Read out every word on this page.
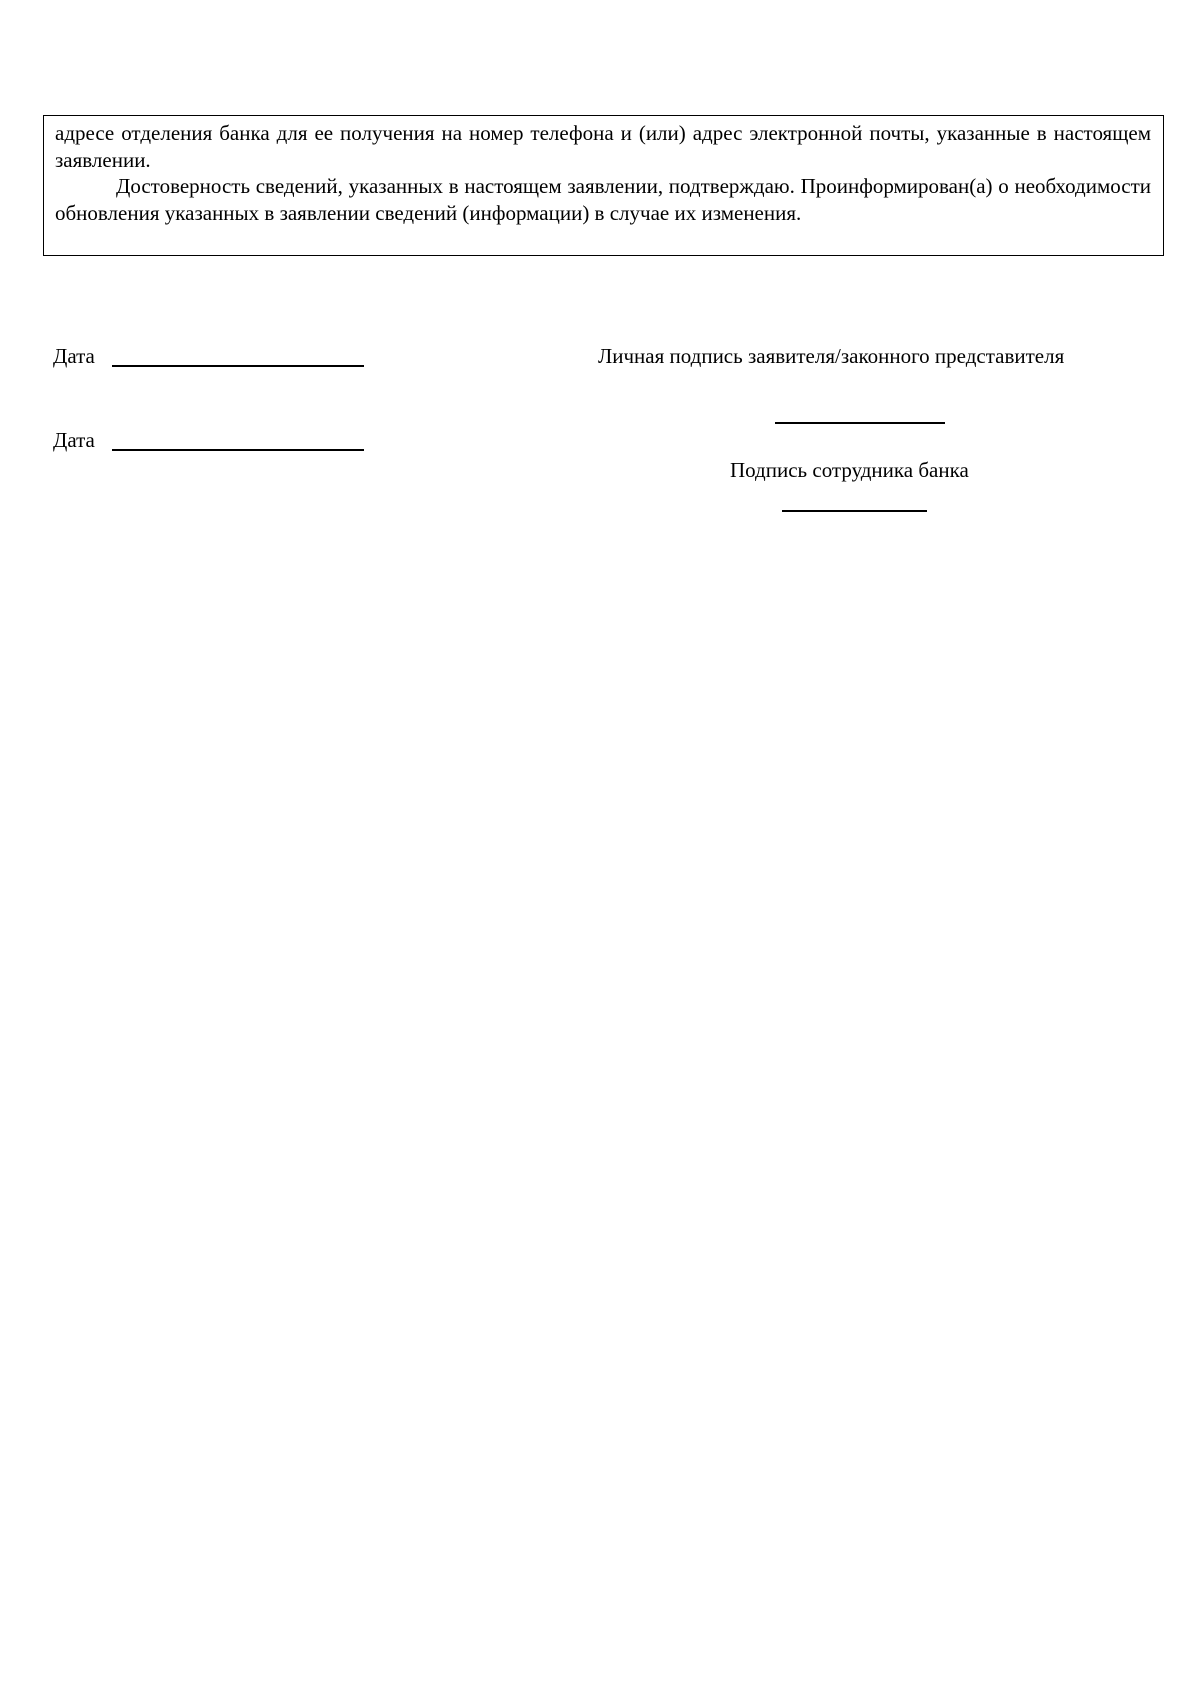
адресе отделения банка для ее получения на номер телефона и (или) адрес электронной почты, указанные в настоящем заявлении.

Достоверность сведений, указанных в настоящем заявлении, подтверждаю. Проинформирован(а) о необходимости обновления указанных в заявлении сведений (информации) в случае их изменения.

Дата	Личная подпись заявителя/законного представителя
Дата
Подпись сотрудника банка
